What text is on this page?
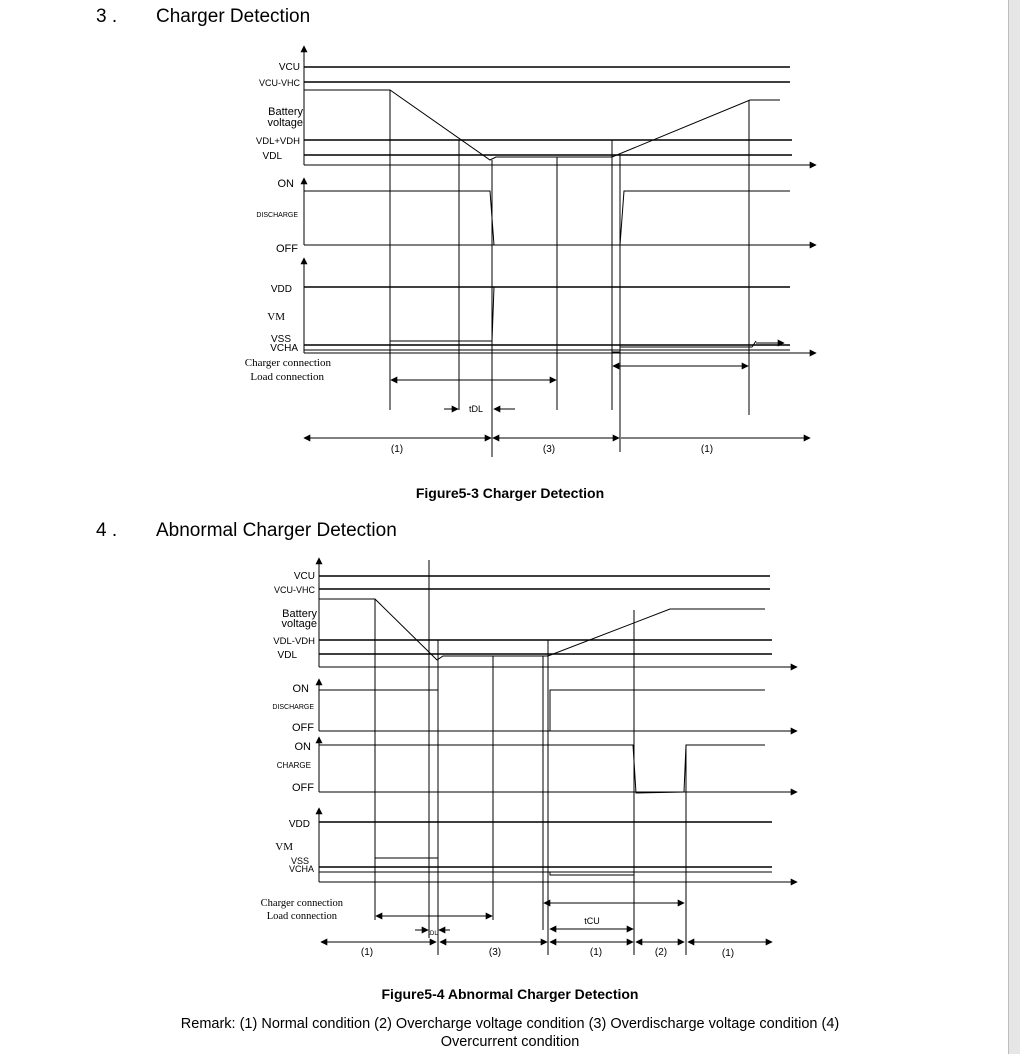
3 . Charger Detection
VCU
VCU-VHC
Battery
voltage
VDL+VDH
VDL
ON
DISCHARGE
OFF
VDD
VM
VSS
VCHA
Charger connection
Load connection
tDL
(1)	(3)	(1)
Figure5-3 Charger Detection
4 . Abnormal Charger Detection
VCU
VCU-VHC
Battery
voltage
VDL-VDH
VDL
ON
DISCHARGE
OFF
ON
CHARGE
OFF
VDD
VM
VSS
VCHA
Charger connection
Load connection
tDL
tCU
(1)	(3)	(1)	(2)	(1)
Figure5-4 Abnormal Charger Detection
Remark: (1) Normal condition (2) Overcharge voltage condition (3) Overdischarge voltage condition (4)
Overcurrent condition
